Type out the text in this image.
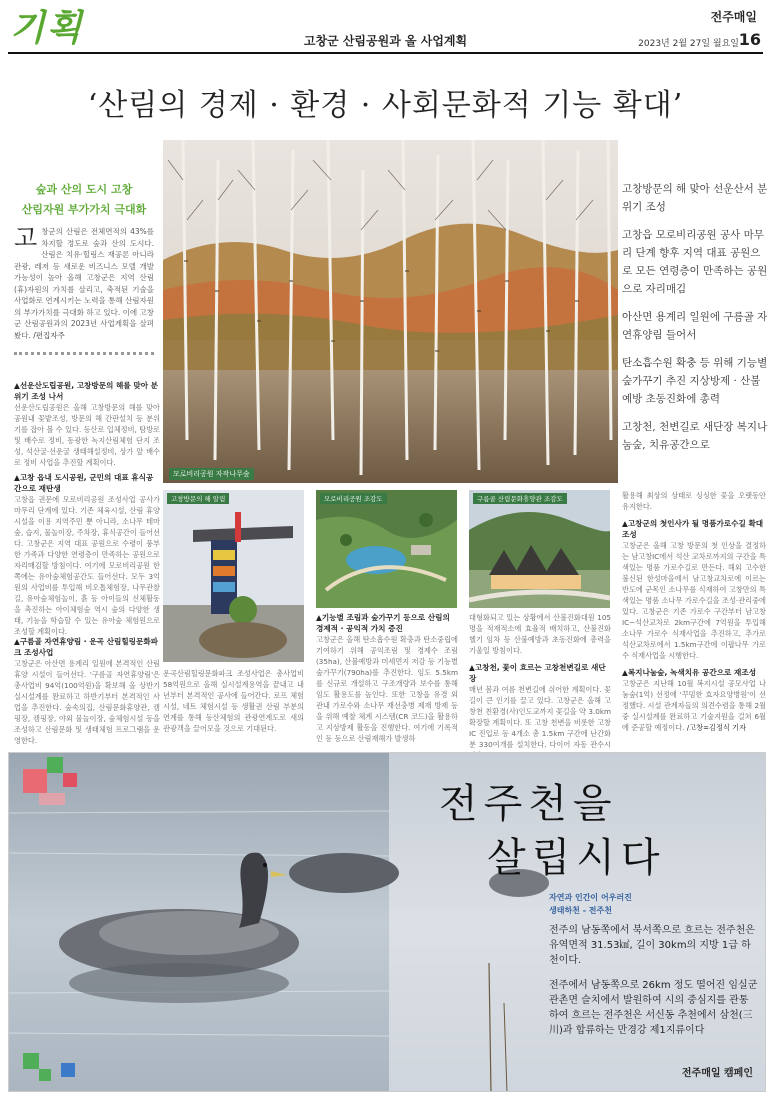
기획	고창군 산림공원과 올 사업계획
전주매일
2023년 2월 27일 월요일 16
‘산림의 경제 · 환경 · 사회문화적 기능 확대’
숲과 산의 도시 고창
산림자원 부가가치 극대화
고 창군의 산림은 전체면적의 43%를 차지할 정도로 숲과 산의 도시다. 산림은 치유·힐링스 재공론 아니라 관광, 레저 등 새로운 비즈니스 모델 개발 가능성이 높아 올해 고창군은 지역 산림(휴)자원의 가치를 살리고, 축적된 기술을 사업화로 연계시키는 노력을 통해 산림자원의 부가가치를 극대화 하고 있다. 이에 고창군 산림공원과의 2023년 사업계획을 살펴봤다. /편집자주
▲선운산도립공원, 고창방문의 해를 맞아 분위기 조성 나서
선운산도립공원은 올해 고창방문의 해를 맞아 공원내 꽃밭조성, 방문의 해 간판설치 등 분위기를 잡아 볼 수 있다. 등산로 입체정비, 탐방로 및 배수로 정비, 동광한 녹지산림체험 단지 조성, 석산굴·선운굴 생태해설정비, 상가 앞 배수로 정비 사업을 추진할 계획이다.
▲고창 읍내 도시공원, 군민의 대표 휴식공간으로 재탄생
고창읍 권문에 모로비리공원 조성사업 공사가 마무리 단계에 있다. 기존 체육시설, 산림 휴양시설을 이용 지역주민 뿐 아니라, 소나무 테마숲, 습지, 물놀이장, 주차장, 휴식공간이 들어선다. 고창군은 지역 대표 공원으로 수령이 풍부한 가족과 다양한 연령층이 만족하는 공원으로 자리매김할 방침이다. 여기에 모로비리공원 한쪽에는 유아숲체험공간도 들어선다. 모두 3억원의 사업비를 투입해 비오톱체험장, 나무관찰길, 유아숲체험놀이, 흙 등 아이들의 신체활동을 촉진하는 아이체험숲 역시 숲의 다양한 생태, 기능을 학습할 수 있는 유아숲 체험원으로 조성할 계획이다.
▲구름골 자연휴양림 · 운곡 산림힐링문화파크 조성사업
고창군은 아산면 용계리 일원에 본격적인 산림휴양 시설이 들어선다. '구름골 자연휴양림'은 총사업비 94억(100억원)을 확보해 올 상반기 실시설계를 완료하고 하반기부터 본격적인 사업을 추진한다. 숲속의집, 산림문화휴양관, 캠핑장, 캠핑장, 야외 물놀이장, 숲체험시설 등을 조성하고 산림문화 및 생태체험 프로그램을 운영한다.
모로비리공원 자작나무숲

고창방문의 해 맞아 선운산서 분위기 조성

고창읍 모로비리공원 공사 마무리 단계 향후 지역 대표 공원으로 모든 연령층이 만족하는 공원으로 자리매김

아산면 용계리 일원에 구름골 자연휴양림 들어서

탄소흡수원 확충 등 위해 기능별 숲가꾸기 추진 지상방제 · 산불예방 초동진화에 총력

고창천, 천변길로 새단장 복지나눔숲, 치유공간으로

고창방문의 해 알림	모로비리공원 조감도	구름골 산림문화휴양관 조감도
운곡산림힐링문화파크 조성사업은 총사업비 58억원으로 올해 실시설계용역을 끝내고 내년부터 본격적인 공사에 들어간다. 로프 체험시설, 네트 체험시설 등 생활권 산림 부분의 연계를 통해 등산체험의 관광연계도로 새의 관광객을 끌어모을 것으로 기대된다.
▲기능별 조림과 숲가꾸기 등으로 산림의 경제적 · 공익적 가치 증진
고창군은 올해 탄소흡수원 확충과 탄소중립에 기여하기 위해 공익조림 및 경제수 조림(35ha), 산불예방과 미세먼지 저감 등 기능별 숲가꾸기(790ha)를 추진한다. 임도 5.5km를 신규로 개설하고 구조개량과 보수를 통해 임도 활용도를 높인다. 또한 고창읍 유경 외 관내 가로수와 소나무 재선충병 제재 방제 등을 위해 예찰 체계 시스템(CR 코드)을 활용하고 지상방제 활동을 진행한다. 여기에 기록적인 등 등으로 산림재해가 발생하
대형화되고 있는 상황에서 산불진화대원 105명을 적재적소에 효율적 배치하고, 산불진화헬기 임차 등 산불예방과 초동진화에 총력을 기울일 방침이다.
▲고창천, 꽃이 흐르는 고창천변길로 새단장
매년 봄과 여름 천변길에 쉬어한 계획이다. 꽃길이 큰 인기를 끌고 있다. 고창군은 올해 고창천 친환경(사)인도교까지 꽃길을 약 3.0km 확장할 계획이다. 또 고창 천변을 비롯한 고창 IC 진입로 등 4개소 총 1.5km 구간에 난간화분 330여개를 설치한다. 다이어 자동 관수시
활용해 최상의 상태로 싱싱한 꽃을 오랫동안 유지한다.
▲고창군의 첫인사가 될 명품가로수길 확대 조성
고창군은 올해 고창 방문의 첫 인상을 결정하는 남고창IC에서 석산 교차로까지의 구간을 특색있는 명품 가로수길로 만든다. 해외 고수한 불신된 한성마을에서 남고창교차로에 이르는 반도에 군목인 소나무를 식재하여 고창만의 특색있는 명품 소나무 가로수길을 조성·관리중에 있다. 고창군은 기존 가로수 구간부터 남고창IC~석산교차로 2km구간에 7억원을 투입해 소나무 가로수 식재사업을 추진하고, 추가로 석산교차로에서 1.5km구간에 이팝나무 가로수 식재사업을 시행한다.
▲복지나눔숲, 녹색치유 공간으로 재조성
고창군은 지난해 10월 복지시설 공모사업 나눔숲(1억) 선정에 '꾸밈한 효자요양병원'이 선정했다. 시설 관계자들의 의견수렴을 통해 2월중 실시설계를 완료하고 기술지원을 걸쳐 6월에 준공할 예정이다. /고창=김정식 기자
전주천을
살립시다
자연과 인간이 어우러진
생태하천 - 전주천

전주의 남동쪽에서 북서쪽으로 흐르는 전주천은 유역면적 31.53㎢, 길이 30km의 지방 1급 하천이다.

전주에서 남동쪽으로 26km 정도 떨어진 임실군 관촌면 슬치에서 발원하여 시의 중심지를 관통 하여 흐르는 전주천은 서신동 추천에서 삼천(三川)과 합류하는 만경강 제1지류이다

전주매일 캠페인
